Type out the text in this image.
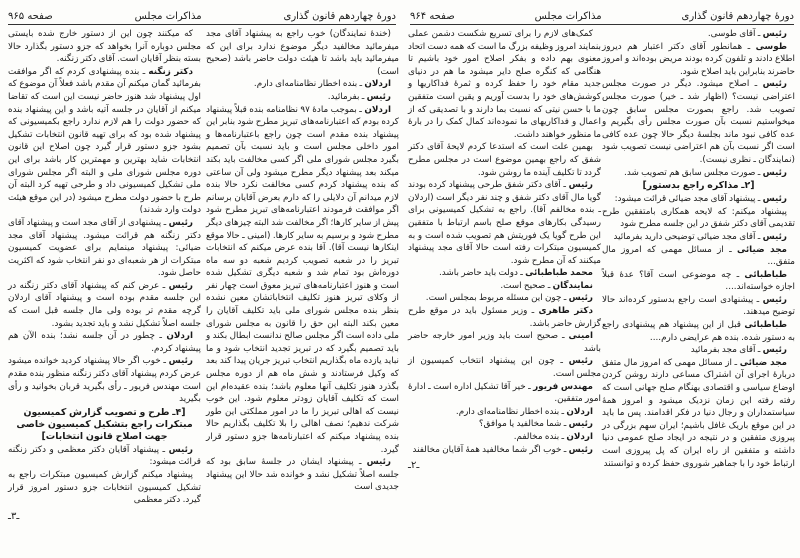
دورهٔ چهاردهم قانون گذاری
مذاکرات مجلس
صفحه ۹۶۵

(خندهٔ نمایندگان) خوب راجع به پیشنهاد آقای مجد میفرمائید مخالفید دیگر موضوع ندارد برای این که میفرمائید باید باشد تا هیئت دولت حاضر باشد (صحیح است)

اردلان ـ بنده اخطار نظامنامه‌ای دارم.

رئیس ـ بفرمائید.

اردلان ـ بموجب مادهٔ ۹۷ نظامنامه بنده قبلاً پیشنهاد کرده بودم که اعتبارنامه‌های تبریز مطرح شود بنابر این پیشنهاد بنده مقدم است چون راجع باعتبارنامه‌ها و امور داخلی مجلس است و باید نسبت بآن تصمیم بگیرد مجلس شورای ملی اگر کسی مخالفت باید بکند میکند بعد پیشنهاد دیگر مطرح میشود ولی آن ساعتی که بنده پیشنهاد کردم کسی مخالفت نکرد حالا بنده لازم میدانم آن دلایلی را که دارم بعرض آقایان برسانم اگر موافقت فرمودند اعتبارنامه‌های تبریز مطرح شود پیش از سایر کارها؛ اگر مخالفت شد البته چیزهای دیگر مطرح شود و برسیم به سایر کارها. (امینی ـ حالا موقع اینکارها نیست آقا). آقا بنده عرض میکنم که انتخابات تبریز را در شعبه تصویب کردیم شعبه دو سه ماه دوره‌اش بود تمام شد و شعبه دیگری تشکیل شده است و هنوز اعتبارنامه‌های تبریز معوق است چهار نفر از وکلای تبریز هنوز تکلیف انتخاباتشان معین نشده بنظر بنده مجلس شورای ملی باید تکلیف آقایان را معین بکند البته این حق را قانون به مجلس شورای ملی داده است اگر مجلس صالح ندانست ابطال بکند و باید تصمیم بگیرد که در تبریز تجدید انتخاب شود و ما نباید یازده ماه بگذاریم انتخاب تبریز جریان پیدا کند بعد که وکیل فرستادند و شش ماه هم از دوره مجلس بگذرد هنوز تکلیف آنها معلوم باشد؛ بنده عقیده‌ام این است که تکلیف آقایان زودتر معلوم شود. این خوب نیست که اهالی تبریز را ما در امور مملکتی این طور شرکت ندهیم؛ نصف اهالی را بلا تکلیف بگذاریم حالا بنده پیشنهاد میکنم که اعتبارنامه‌ها جزو دستور قرار گیرد.

رئیس ـ پیشنهاد ایشان در جلسهٔ سابق بود که جلسه اصلاً تشکیل نشد و خوانده شد حالا این پیشنهاد جدیدی است

که میکنند چون این از دستور خارج شده بایستی مجلس دوباره آنرا بخواهد که جزو دستور بگذارد حالا بسته بنظر آقایان است. آقای دکتر زنگنه.

دکتر زنگنه ـ بنده پیشنهادی کردم که اگر موافقت بفرمائید گمان میکنم آن مقدم باشد فعلاً آن موضوع که اول پیشنهاد شد هنوز حاضر نیست این است که تقاضا میکنم از آقایان در جلسه آتیه باشد و این پیشنهاد بنده که حضور دولت را هم لازم ندارد راجع بکمیسیونی که پیشنهاد شده بود که برای تهیه قانون انتخابات تشکیل بشود جزو دستور قرار گیرد چون اصلاح این قانون انتخابات شاید بهترین و مهمترین کار باشد برای این دوره مجلس شورای ملی و البته اگر مجلس شورای ملی تشکیل کمیسیونی داد و طرحی تهیه کرد البته آن طرح با حضور دولت مطرح میشود (در این موقع هیئت دولت وارد شدند)

رئیس ـ پیشنهادی از آقای مجد است و پیشنهاد آقای دکتر زنگنه هم قرائت میشود. پیشنهاد آقای مجد ضیائی: پیشنهاد مینمایم برای عضویت کمیسیون مبتکرات از هر شعبه‌ای دو نفر انتخاب شود که اکثریت حاصل شود.

رئیس ـ عرض کنم که پیشنهاد آقای دکتر زنگنه در این جلسه مقدم بوده است و پیشنهاد آقای اردلان گرچه مقدم تر بوده ولی مال جلسه قبل است که جلسه اصلاً تشکیل نشد و باید تجدید بشود.

اردلان ـ چطور در آن جلسه نشد؛ بنده الآن هم پیشنهاد کردم.

رئیس ـ خوب اگر حالا پیشنهاد کردید خوانده میشود عرض کردم پیشنهاد آقای دکتر زنگنه منظور بنده مقدم است مهندس فریور ـ رأی بگیرید قربان بخوانید و رأی بگیرید

[۴ـ طرح و تصویب گزارش کمیسیون مبتکرات راجع بتشکیل کمیسیون خاصی جهت اصلاح قانون انتخابات]

رئیس ـ پیشنهاد آقایان دکتر معظمی و دکتر زنگنه قرائت میشود:

پیشنهاد میکنم گزارش کمیسیون مبتکرات راجع به تشکیل کمیسیون انتخابات جزو دستور امروز قرار گیرد. دکتر معظمی

ـ۳ـ
دورهٔ چهاردهم قانون گذاری
مذاکرات مجلس
صفحه ۹۶۴

رئیس ـ آقای طوسی.

طوسی ـ همانطور آقای دکتر اعتبار هم دیروز اطلاع دادند و تلفون کرده بودند مریض بوده‌اند و امروز حاضرند بنابراین باید اصلاح شود.

رئیس ـ اصلاح میشود. دیگر در صورت مجلس اعتراضی نیست؟ (اظهار شد ـ خیر) صورت مجلس تصویب شد. راجع بصورت مجلس سابق چون میخواستیم نسبت بآن صورت مجلس رأی بگیریم و عده کافی نبود ماند بجلسهٔ دیگر حالا چون عده کافی است اگر نسبت بآن هم اعتراضی نیست تصویب شود (نمایندگان ـ نظری نیست).

رئیس ـ صورت مجلس سابق هم تصویب شد.

[۲ـ مذاکره راجع بدستور]

رئیس ـ پیشنهاد آقای مجد ضیائی قرائت میشود:

پیشنهاد میکنم: که لایحه همکاری بامتفقین طرح تقدیمی آقای دکتر شفق در این جلسه مطرح شود

رئیس ـ آقای مجد ضیائی توضیحی دارید بفرمائید

مجد ضیائی ـ از مسائل مهمی که امروز مال متفق...

طباطبائی ـ چه موضوعی است آقا؟ عدهٔ قبلاً اجازه خواسته‌اند....

رئیس ـ پیشنهادی است راجع بدستور کرده‌اند حالا توضیح میدهند.

طباطبائی قبل از این پیشنهاد هم پیشنهادی راجع به دستور شده. بنده هم عرایضی دارم....

رئیس ـ آقای مجد بفرمائید

مجد ضیائی ـ از مسائل مهمی که امروز مال متفق دربارهٔ اجرای آن اشتراک مساعی دارند روشن کردن اوضاع سیاسی و اقتصادی بهنگام صلح جهانی است که رفته رفته این زمان نزدیک میشود و امروز همهٔ سیاستمداران و رجال دنیا در فکر اقدامند. پس ما باید در این موقع باریک غافل باشیم؛ ایران سهم بزرگی در پیروزی متفقین و در نتیجه در ایجاد صلح عمومی دنیا داشته و متفقین از راه ایران که پل پیروزی است ارتباط خود را با جماهیر شوروی حفظ کرده و توانستند

کمک‌های لازم را برای تسریع شکست دشمن عملی بنمایند امروز وظیفه بزرگ ما است که همه دست اتحاد معنوی بهم داده و بفکر اصلاح امور خود باشیم تا هنگامی که کنگره صلح دایر میشود ما هم در دنیای جدید مقام خود را حفظ کرده و ثمرهٔ فداکاریها و کوشش‌های خود را بدست آوریم و یقین است متفقین ما با حسن نیتی که نسبت بما دارند و با تصدیقی که از اعمال و فداکاریهای ما نموده‌اند کمال کمک را در بارهٔ ما منظور خواهند داشت.

بهمین علت است که استدعا کردم لایحهٔ آقای دکتر شفق که راجع بهمین موضوع است در مجلس مطرح گردد تا تکلیف آینده ما روشن شود.

رئیس ـ آقای دکتر شفق طرحی پیشنهاد کرده بودند گویا مال آقای دکتر شفق و چند نفر دیگر است (اردلان ـ بنده مخالفم آقا). راجع به تشکیل کمیسیونی برای رسیدگی بکارهای موقع صلح باسم ارتباط با متفقین این طرح گویا یک فوریتش هم تصویب شده است و به کمیسیون مبتکرات رفته است حالا آقای مجد پیشنهاد میکنند که آن مطرح شود.

محمد طباطبائی ـ دولت باید حاضر باشد.

نمایندگان ـ صحیح است.

رئیس ـ چون این مسئله مربوط بمجلس است.

دکتر طاهری ـ وزیر مسئول باید در موقع طرح گزارش حاضر باشد.

امینی ـ صحیح است باید وزیر امور خارجه حاضر باشد

رئیس ـ چون این پیشنهاد انتخاب کمیسیون از مجلس است.

مهندس فریور ـ خیر آقا تشکیل اداره است ـ ادارهٔ امور متفقین.

اردلان ـ بنده اخطار نظامنامه‌ای دارم.

رئیس ـ شما مخالفید یا موافق؟

اردلان ـ بنده مخالفم.

رئیس ـ خوب اگر شما مخالفید همهٔ آقایان مخالفند

ـ۲ـ
